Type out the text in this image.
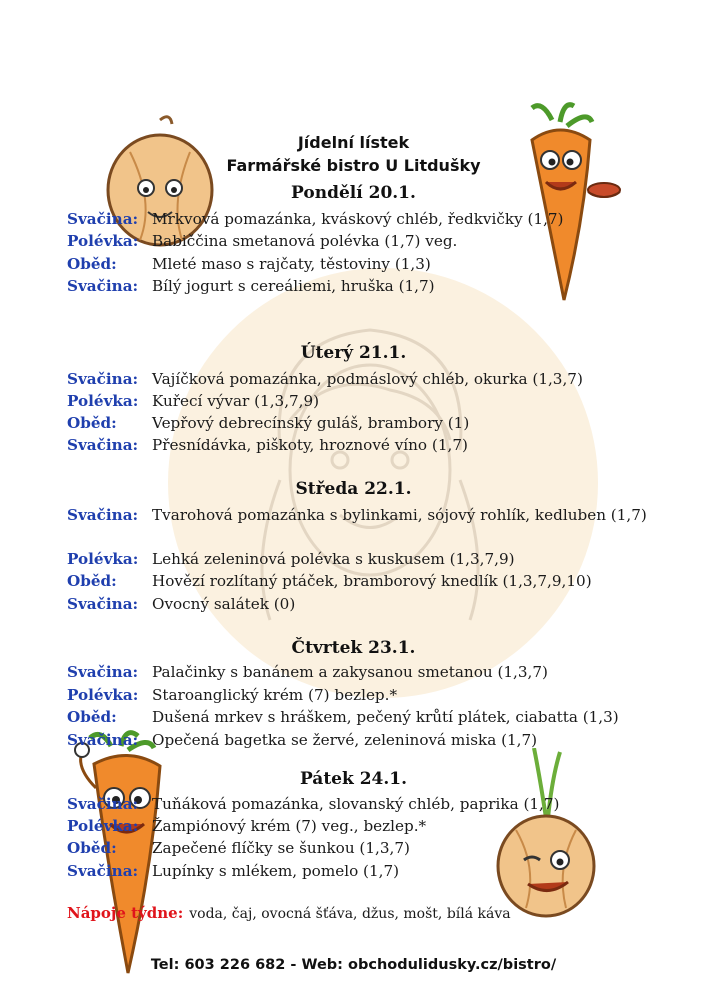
Jídelní lístek
Farmářské bistro U Litdušky
Pondělí 20.1.
Svačina: Mrkvová pomazánka, kváskový chléb, ředkvičky (1,7)
Polévka: Babiččina smetanová polévka (1,7) veg.
Oběd: Mleté maso s rajčaty, těstoviny (1,3)
Svačina: Bílý jogurt s cereáliemi, hruška (1,7)
Úterý 21.1.
Svačina: Vajíčková pomazánka, podmáslový chléb, okurka (1,3,7)
Polévka: Kuřecí vývar (1,3,7,9)
Oběd: Vepřový debrecínský guláš, brambory (1)
Svačina: Přesnídávka, piškoty, hroznové víno (1,7)
Středa 22.1.
Svačina: Tvarohová pomazánka s bylinkami, sójový rohlík, kedluben (1,7)
Polévka: Lehká zeleninová polévka s kuskusem (1,3,7,9)
Oběd: Hovězí rozlítaný ptáček, bramborový knedlík (1,3,7,9,10)
Svačina: Ovocný salátek (0)
Čtvrtek 23.1.
Svačina: Palačinky s banánem a zakysanou smetanou (1,3,7)
Polévka: Staroanglický krém (7) bezlep.*
Oběd: Dušená mrkev s hráškem, pečený krůtí plátek, ciabatta (1,3)
Svačina: Opečená bagetka se žervé, zeleninová miska (1,7)
Pátek 24.1.
Svačina: Tuňáková pomazánka, slovanský chléb, paprika (1,7)
Polévka: Žampiónový krém (7) veg., bezlep.*
Oběd: Zapečené flíčky se šunkou (1,3,7)
Svačina: Lupínky s mlékem, pomelo (1,7)
Nápoje týdne: voda, čaj, ovocná šťáva, džus, mošt, bílá káva
Tel: 603 226 682 - Web: obchodulidusky.cz/bistro/
